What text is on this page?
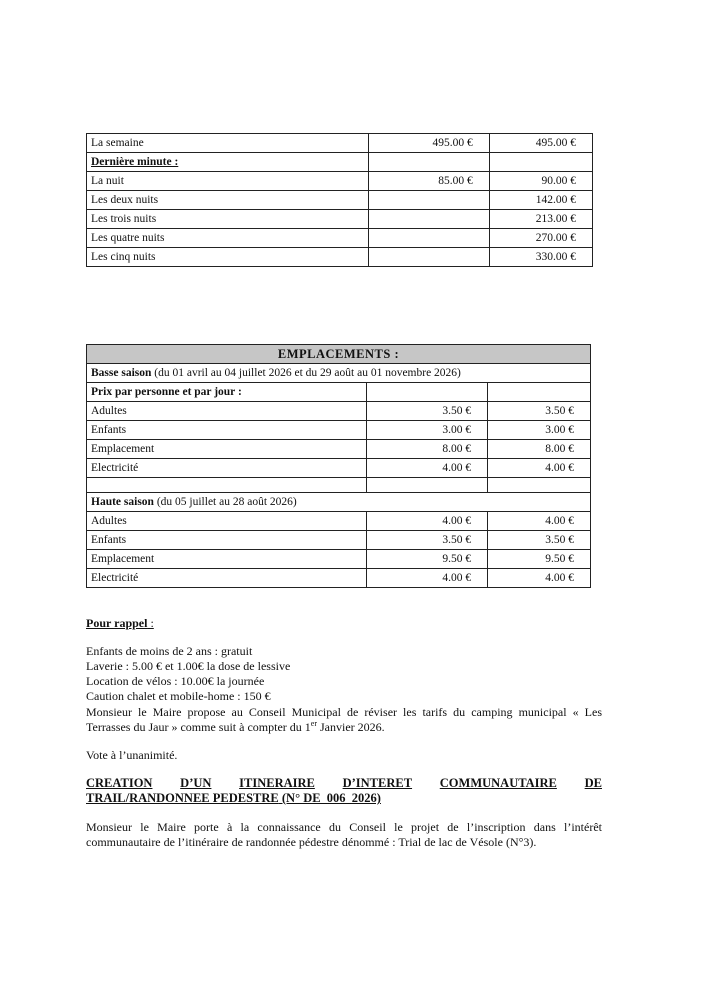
La semaine	495.00 €	495.00 €
Dernière minute :		
La nuit	85.00 €	90.00 €
Les deux nuits		142.00 €
Les trois nuits		213.00 €
Les quatre nuits		270.00 €
Les cinq nuits		330.00 €
EMPLACEMENTS :		
Basse saison (du 01 avril au 04 juillet 2026 et du 29 août au 01 novembre 2026)		
Prix par personne et par jour :		
Adultes	3.50 €	3.50 €
Enfants	3.00 €	3.00 €
Emplacement	8.00 €	8.00 €
Electricité	4.00 €	4.00 €

Haute saison (du 05 juillet au 28 août 2026)		
Adultes	4.00 €	4.00 €
Enfants	3.50 €	3.50 €
Emplacement	9.50 €	9.50 €
Electricité	4.00 €	4.00 €
Pour rappel :
Enfants de moins de 2 ans : gratuit
Laverie : 5.00 € et 1.00€ la dose de lessive
Location de vélos : 10.00€ la journée
Caution chalet et mobile-home : 150 €
Monsieur le Maire propose au Conseil Municipal de réviser les tarifs du camping municipal « Les Terrasses du Jaur » comme suit à compter du 1er Janvier 2026.
Vote à l’unanimité.
CREATION D’UN ITINERAIRE D’INTERET COMMUNAUTAIRE DE
TRAIL/RANDONNEE PEDESTRE (N° DE_006_2026)
Monsieur le Maire porte à la connaissance du Conseil le projet de l’inscription dans l’intérêt communautaire de l’itinéraire de randonnée pédestre dénommé : Trial de lac de Vésole (N°3).
